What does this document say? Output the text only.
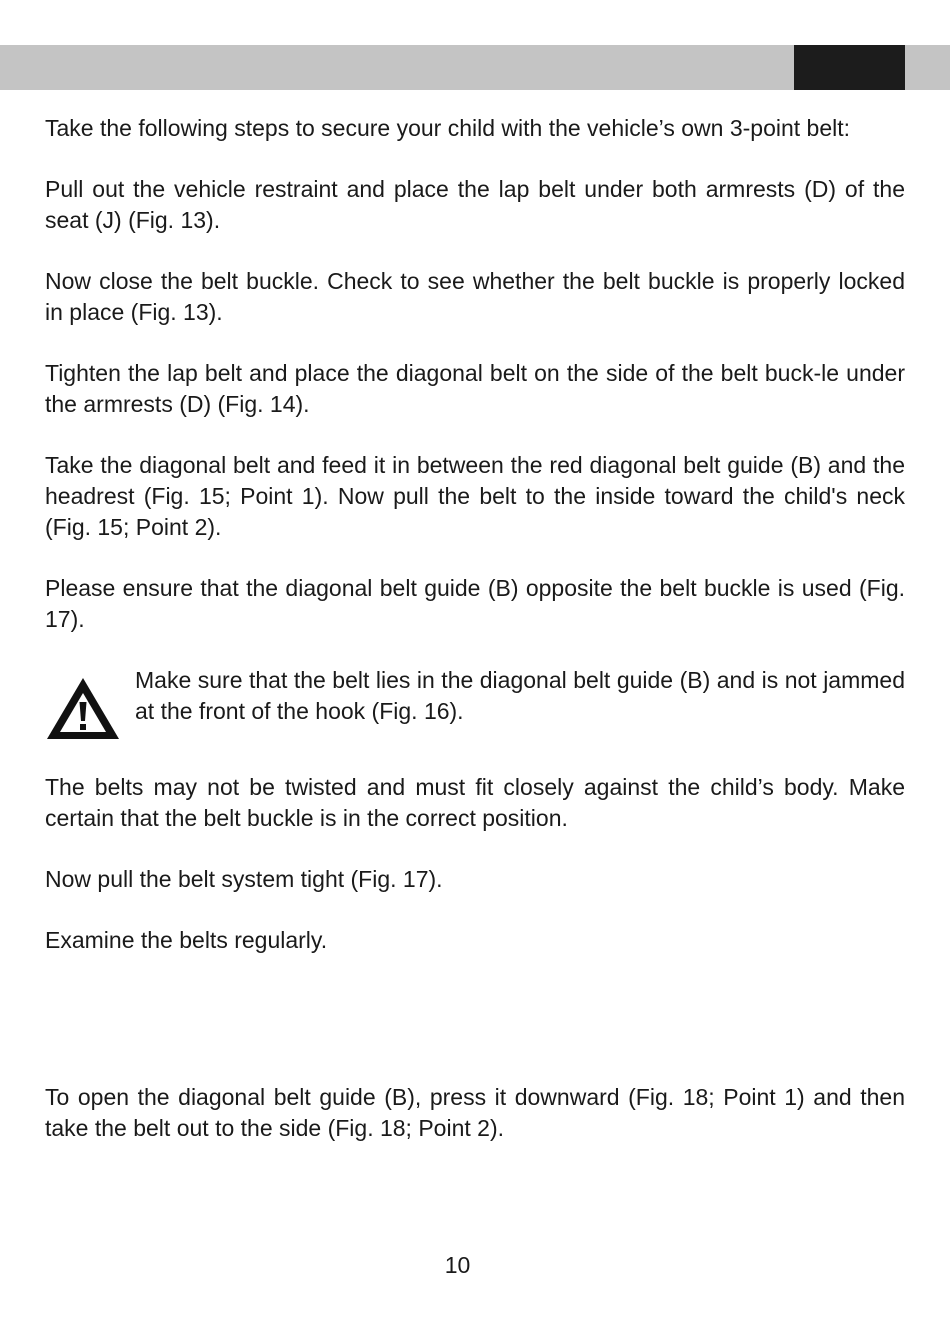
Take the following steps to secure your child with the vehicle’s own 3-point belt:

Pull out the vehicle restraint and place the lap belt under both armrests (D) of the seat (J) (Fig. 13).

Now close the belt buckle. Check to see whether the belt buckle is properly locked in place (Fig. 13).

Tighten the lap belt and place the diagonal belt on the side of the belt buck-le under the armrests (D) (Fig. 14).

Take the diagonal belt and feed it in between the red diagonal belt guide (B) and the headrest (Fig. 15; Point 1). Now pull the belt to the inside toward the child's neck (Fig. 15; Point 2).

Please ensure that the diagonal belt guide (B) opposite the belt buckle is used (Fig. 17).

Make sure that the belt lies in the diagonal belt guide (B) and is not jammed at the front of the hook (Fig. 16).

The belts may not be twisted and must fit closely against the child’s body. Make certain that the belt buckle is in the correct position.

Now pull the belt system tight (Fig. 17).

Examine the belts regularly.

To open the diagonal belt guide (B), press it downward (Fig. 18; Point 1) and then take the belt out to the side (Fig. 18; Point 2).

10
